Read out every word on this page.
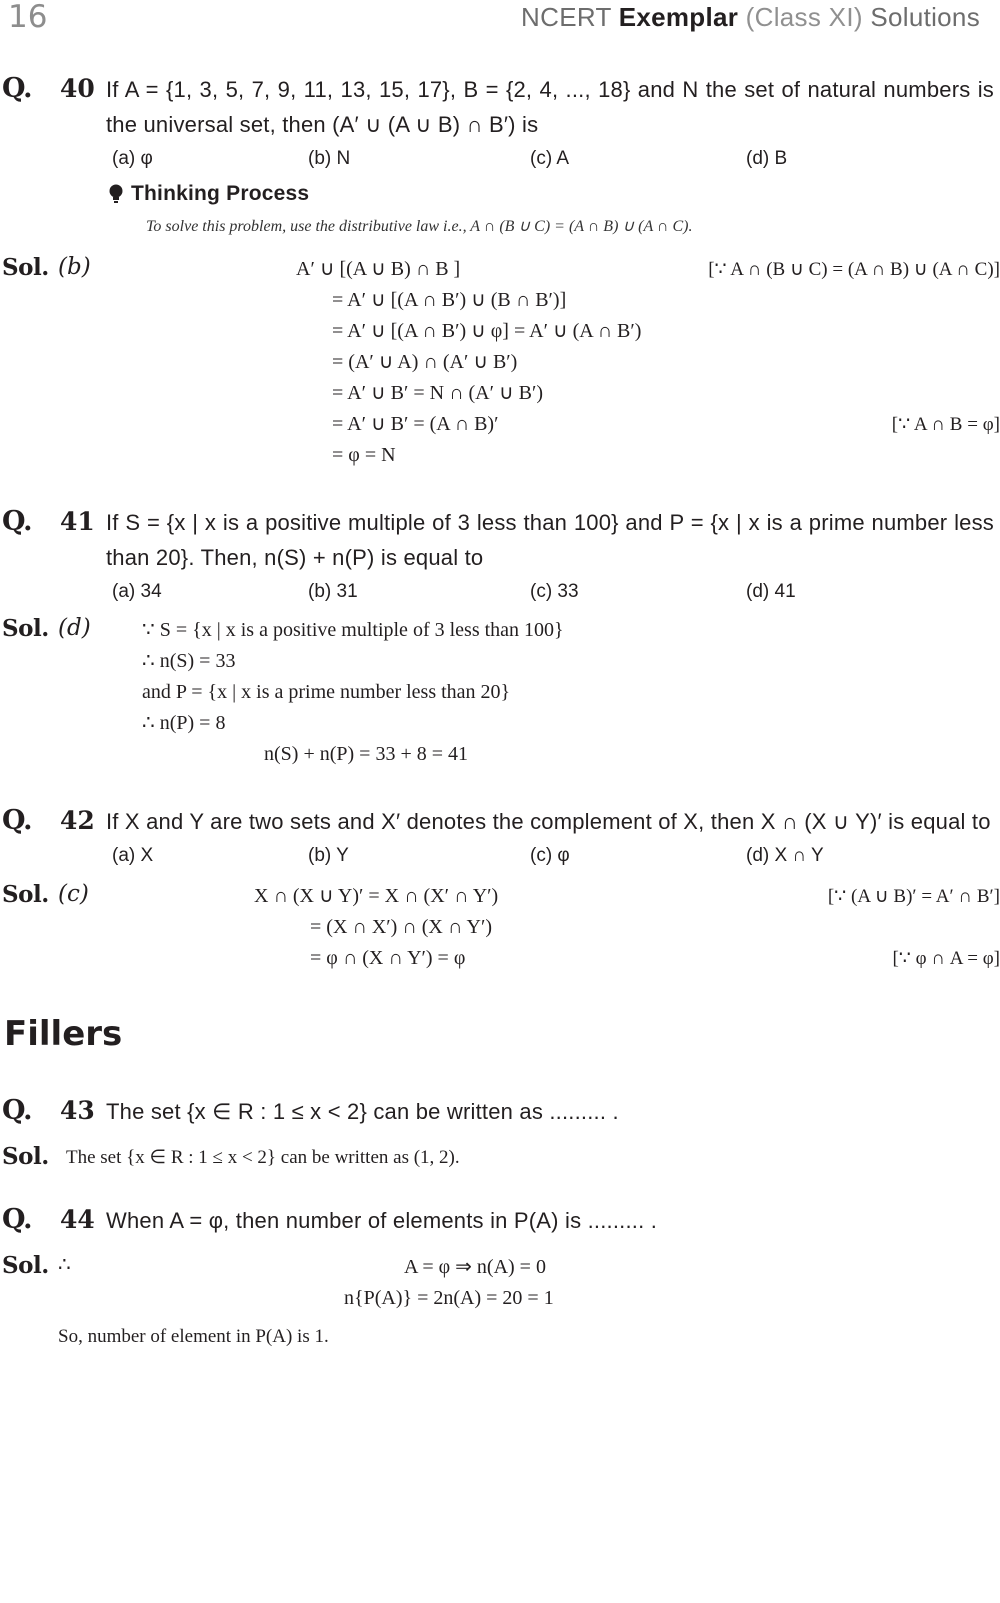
16	NCERT Exemplar (Class XI) Solutions
Q.	40 If A = {1, 3, 5, 7, 9, 11, 13, 15, 17}, B = {2, 4, ..., 18} and N the set of natural numbers is the universal set, then (A′ ∪ (A ∪ B) ∩ B′) is
(a) φ	(b) N	(c) A	(d) B
Thinking Process
To solve this problem, use the distributive law i.e., A ∩ (B ∪ C) = (A ∩ B) ∪ (A ∩ C).
Sol. (b)	A′ ∪ [(A ∪ B) ∩ B ]	[∵ A ∩ (B ∪ C) = (A ∩ B) ∪ (A ∩ C)]
= A′ ∪ [(A ∩ B′) ∪ (B ∩ B′)]
= A′ ∪ [(A ∩ B′) ∪ φ] = A′ ∪ (A ∩ B′)
= (A′ ∪ A) ∩ (A′ ∪ B′)
= A′ ∪ B′ = N ∩ (A′ ∪ B′)
= A′ ∪ B′ = (A ∩ B)′	[∵ A ∩ B = φ]
= φ = N
Q.	41 If S = {x | x is a positive multiple of 3 less than 100} and P = {x | x is a prime number less than 20}. Then, n(S) + n(P) is equal to
(a) 34	(b) 31	(c) 33	(d) 41
Sol. (d)	∵ S = {x | x is a positive multiple of 3 less than 100}
∴ n(S) = 33
and P = {x | x is a prime number less than 20}
∴ n(P) = 8
n(S) + n(P) = 33 + 8 = 41
Q.	42 If X and Y are two sets and X′ denotes the complement of X, then X ∩ (X ∪ Y)′ is equal to
(a) X	(b) Y	(c) φ	(d) X ∩ Y
Sol. (c)	X ∩ (X ∪ Y)′ = X ∩ (X′ ∩ Y′)	[∵ (A ∪ B)′ = A′ ∩ B′]
= (X ∩ X′) ∩ (X ∩ Y′)
= φ ∩ (X ∩ Y′) = φ	[∵ φ ∩ A = φ]
Fillers
Q.	43 The set {x ∈ R : 1 ≤ x < 2} can be written as ......... .
Sol. The set {x ∈ R : 1 ≤ x < 2} can be written as (1, 2).
Q.	44 When A = φ, then number of elements in P(A) is ......... .
Sol. ∴	A = φ ⇒ n(A) = 0
n{P(A)} = 2n(A) = 20 = 1
So, number of element in P(A) is 1.
